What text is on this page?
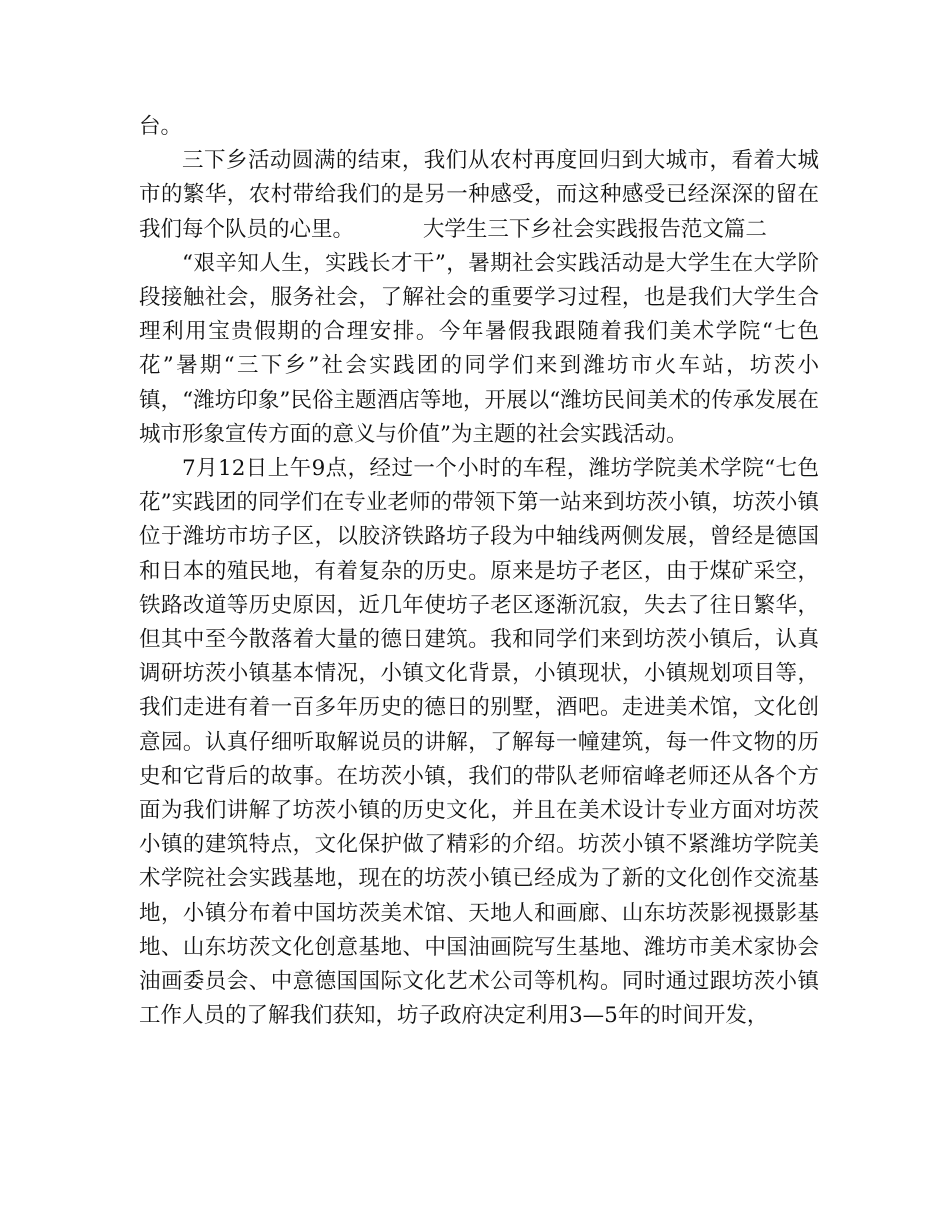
台。

三下乡活动圆满的结束，我们从农村再度回归到大城市，看着大城市的繁华，农村带给我们的是另一种感受，而这种感受已经深深的留在我们每个队员的心里。	大学生三下乡社会实践报告范文篇二

“艰辛知人生，实践长才干”，暑期社会实践活动是大学生在大学阶段接触社会，服务社会，了解社会的重要学习过程，也是我们大学生合理利用宝贵假期的合理安排。今年暑假我跟随着我们美术学院“七色花”暑期“三下乡”社会实践团的同学们来到潍坊市火车站，坊茨小镇，“潍坊印象”民俗主题酒店等地，开展以“潍坊民间美术的传承发展在城市形象宣传方面的意义与价值”为主题的社会实践活动。

7月12日上午9点，经过一个小时的车程，潍坊学院美术学院“七色花”实践团的同学们在专业老师的带领下第一站来到坊茨小镇，坊茨小镇位于潍坊市坊子区，以胶济铁路坊子段为中轴线两侧发展，曾经是德国和日本的殖民地，有着复杂的历史。原来是坊子老区，由于煤矿采空，铁路改道等历史原因，近几年使坊子老区逐渐沉寂，失去了往日繁华，但其中至今散落着大量的德日建筑。我和同学们来到坊茨小镇后，认真调研坊茨小镇基本情况，小镇文化背景，小镇现状，小镇规划项目等，我们走进有着一百多年历史的德日的别墅，酒吧。走进美术馆，文化创意园。认真仔细听取解说员的讲解，了解每一幢建筑，每一件文物的历史和它背后的故事。在坊茨小镇，我们的带队老师宿峰老师还从各个方面为我们讲解了坊茨小镇的历史文化，并且在美术设计专业方面对坊茨小镇的建筑特点，文化保护做了精彩的介绍。坊茨小镇不紧潍坊学院美术学院社会实践基地，现在的坊茨小镇已经成为了新的文化创作交流基地，小镇分布着中国坊茨美术馆、天地人和画廊、山东坊茨影视摄影基地、山东坊茨文化创意基地、中国油画院写生基地、潍坊市美术家协会油画委员会、中意德国国际文化艺术公司等机构。同时通过跟坊茨小镇工作人员的了解我们获知，坊子政府决定利用3—5年的时间开发，
